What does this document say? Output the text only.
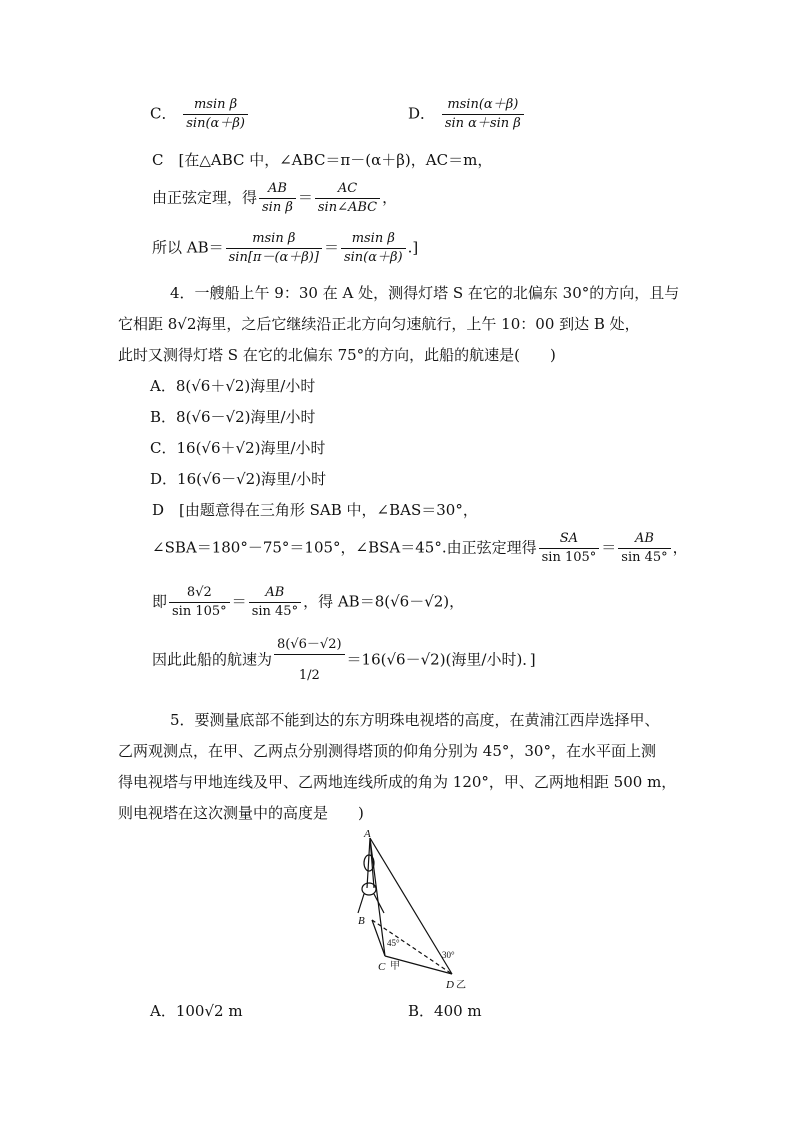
C． $\frac{\text{msin β}}{\sin(\alpha+\beta)}$	D． $\frac{msin(\alpha+\beta)}{\text{sin α＋sin β}}$
C　[在△ABC 中，∠ABC＝π－(α＋β)，AC＝m，
由正弦定理，得 $\frac{AB}{\text{sin β}} = \frac{AC}{\text{sin∠ABC}}$ ，
所以 $AB= \frac{\text{msin β}}{\sin[\pi-(\alpha+\beta)]} = \frac{\text{msin β}}{\sin(\alpha+\beta)}$ .]
4．一艘船上午 9：30 在 A 处，测得灯塔 S 在它的北偏东 30°的方向，且与
它相距 8√2海里，之后它继续沿正北方向匀速航行，上午 10：00 到达 B 处，
此时又测得灯塔 S 在它的北偏东 75°的方向，此船的航速是(　　)
A．8(√6＋√2)海里/小时
B．8(√6－√2)海里/小时
C．16(√6＋√2)海里/小时
D．16(√6－√2)海里/小时
D　[由题意得在三角形 SAB 中，∠BAS＝30°，
∠SBA＝180°－75°＝105°，∠BSA＝45°.由正弦定理得 $\frac{SA}{\sin 105^\circ} = \frac{AB}{\sin 45^\circ}$ ，
即 $\frac{8√2}{\sin 105^\circ} = \frac{AB}{\sin 45^\circ}$ ，得 AB＝8(√6－√2)，
因此此船的航速为 $\frac{8(√6-√2)}{1/2} =16(√6-√2)$(海里/小时)．]
5．要测量底部不能到达的东方明珠电视塔的高度，在黄浦江西岸选择甲、
乙两观测点，在甲、乙两点分别测得塔顶的仰角分别为 45°，30°，在水平面上测
得电视塔与甲地连线及甲、乙两地连线所成的角为 120°，甲、乙两地相距 500 m，
则电视塔在这次测量中的高度是　　)
A
B
C 甲
D 乙
45°
30°
A．100√2 m	B．400 m
